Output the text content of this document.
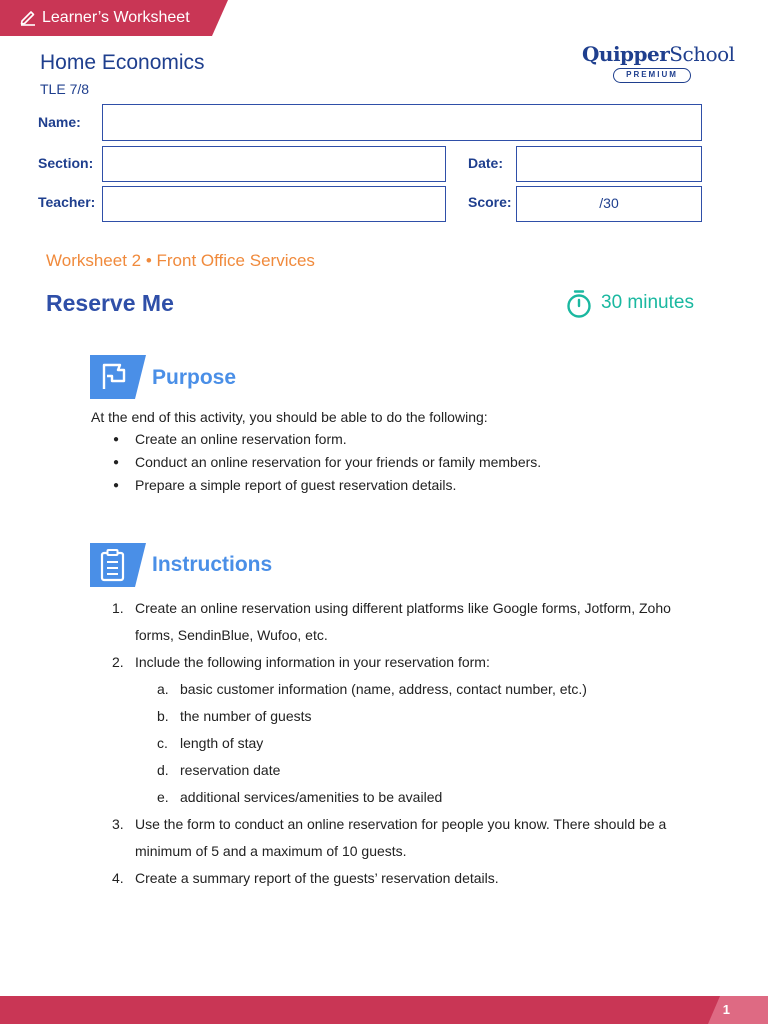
Learner’s Worksheet
Home Economics
TLE 7/8
QuipperSchool
PREMIUM
Name:
Section:	Date:
Teacher:	Score:	/30
Worksheet 2 • Front Office Services
Reserve Me	30 minutes
Purpose
At the end of this activity, you should be able to do the following:
● Create an online reservation form.
● Conduct an online reservation for your friends or family members.
● Prepare a simple report of guest reservation details.
Instructions
1. Create an online reservation using different platforms like Google forms, Jotform, Zoho forms, SendinBlue, Wufoo, etc.
2. Include the following information in your reservation form:
a. basic customer information (name, address, contact number, etc.)
b. the number of guests
c. length of stay
d. reservation date
e. additional services/amenities to be availed
3. Use the form to conduct an online reservation for people you know. There should be a minimum of 5 and a maximum of 10 guests.
4. Create a summary report of the guests’ reservation details.
1
